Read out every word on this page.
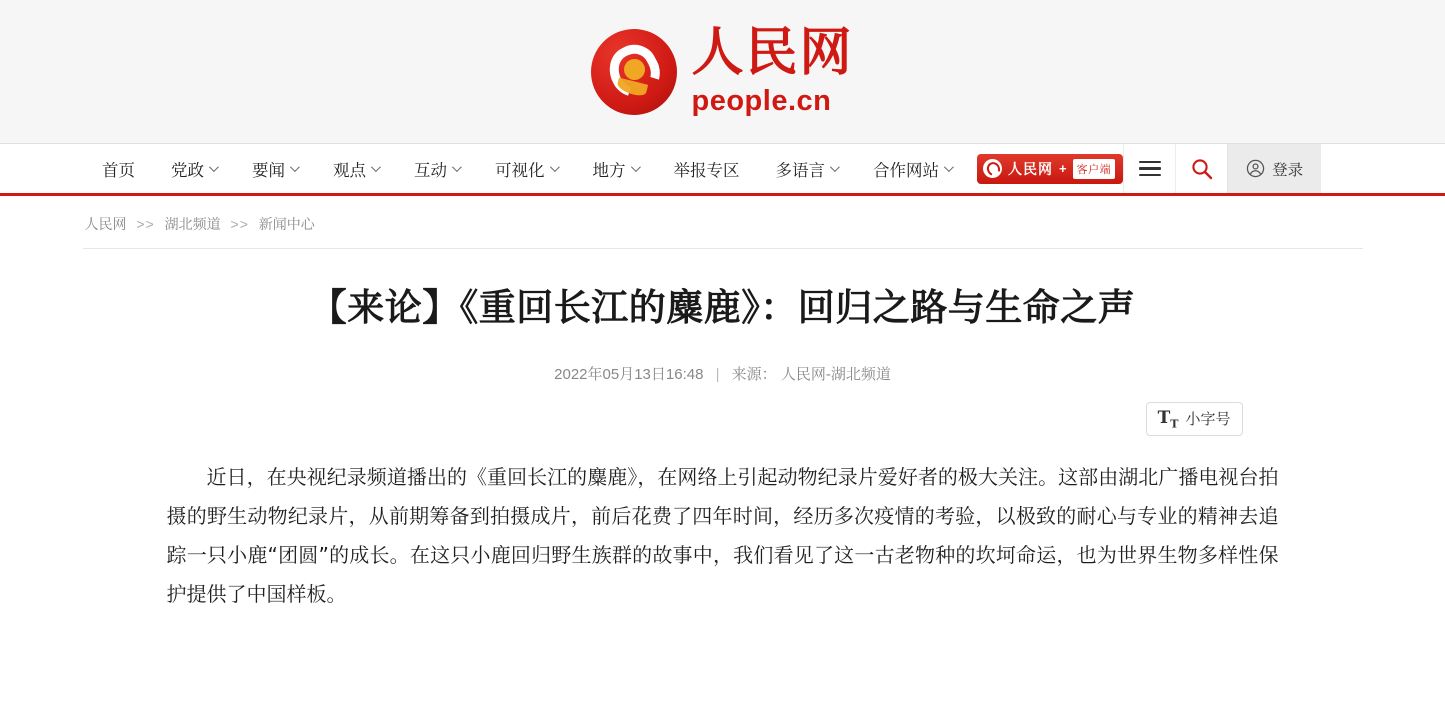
人民网
people.cn
首页 党政	要闻	观点	互动	可视化	地方	举报专区 多语言	合作网站	人民网 + 客户端	登录
人民网 >> 湖北频道 >> 新闻中心
【来论】《重回长江的麋鹿》：回归之路与生命之声
2022年05月13日16:48 | 来源： 人民网-湖北频道
$T_T$ 小字号

近日，在央视纪录频道播出的《重回长江的麋鹿》，在网络上引起动物纪录片爱好者的极大关注。这部由湖北广播电视台拍摄的野生动物纪录片，从前期筹备到拍摄成片，前后花费了四年时间，经历多次疫情的考验，以极致的耐心与专业的精神去追踪一只小鹿“团圆”的成长。在这只小鹿回归野生族群的故事中，我们看见了这一古老物种的坎坷命运，也为世界生物多样性保护提供了中国样板。
